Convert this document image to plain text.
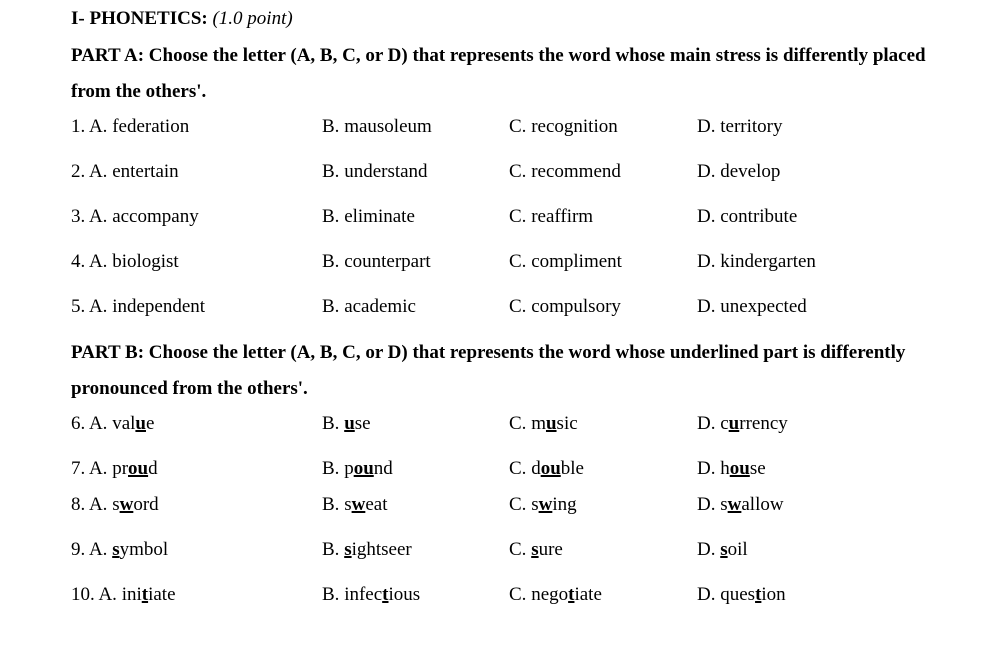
I- PHONETICS: (1.0 point)
PART A: Choose the letter (A, B, C, or D) that represents the word whose main stress is differently placed from the others'.
1. A. federation	B. mausoleum	C. recognition	D. territory
2. A. entertain	B. understand	C. recommend	D. develop
3. A. accompany	B. eliminate	C. reaffirm	D. contribute
4. A. biologist	B. counterpart	C. compliment	D. kindergarten
5. A. independent	B. academic	C. compulsory	D. unexpected
PART B: Choose the letter (A, B, C, or D) that represents the word whose underlined part is differently pronounced from the others'.
6. A. value	B. use	C. music	D. currency
7. A. proud	B. pound	C. double	D. house
8. A. sword	B. sweat	C. swing	D. swallow
9. A. symbol	B. sightseer	C. sure	D. soil
10. A. initiate	B. infectious	C. negotiate	D. question
